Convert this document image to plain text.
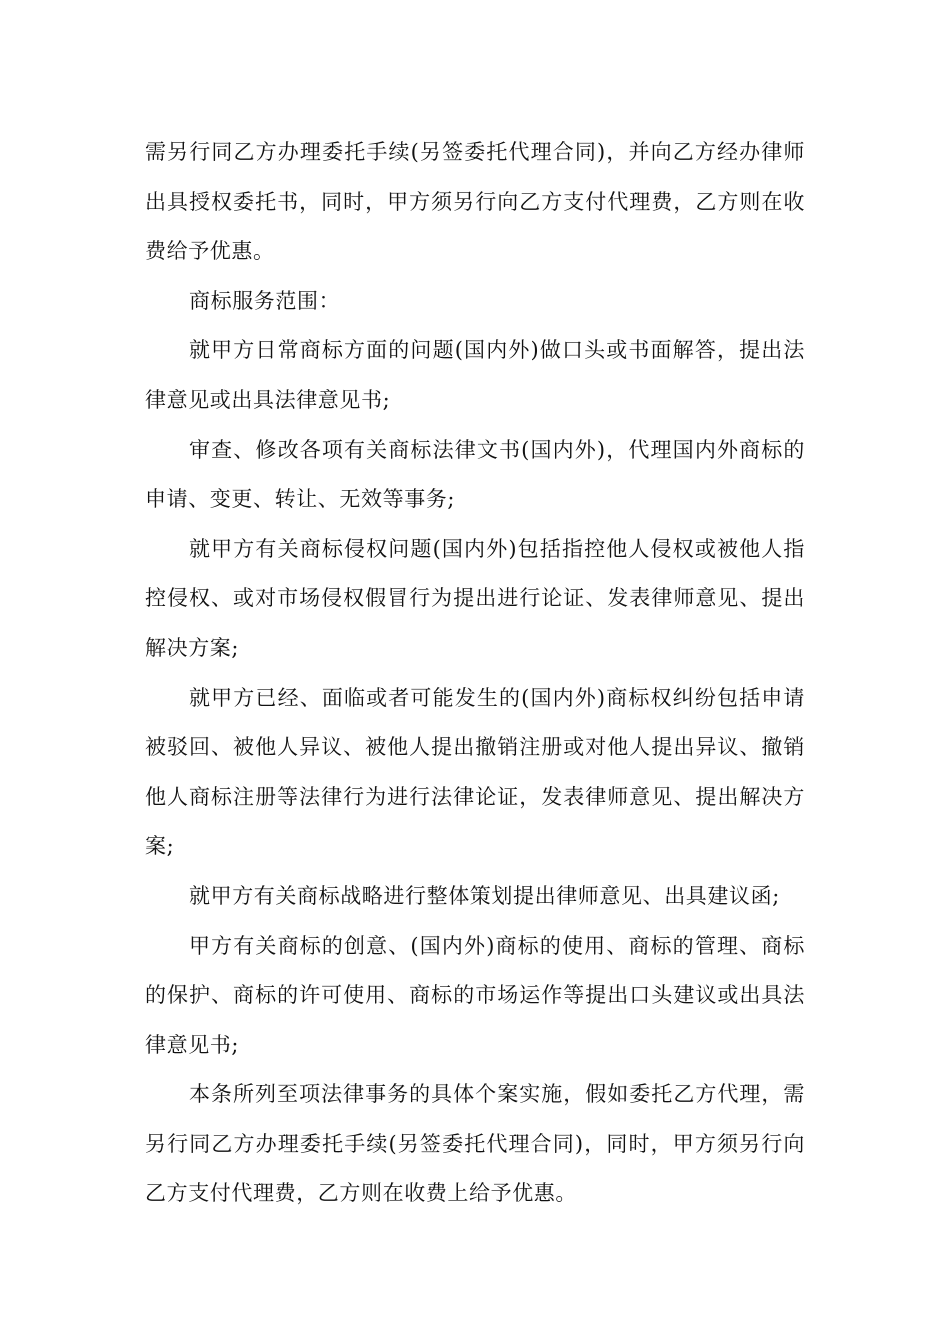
需另行同乙方办理委托手续(另签委托代理合同)，并向乙方经办律师出具授权委托书，同时，甲方须另行向乙方支付代理费，乙方则在收费给予优惠。

商标服务范围：

就甲方日常商标方面的问题(国内外)做口头或书面解答，提出法律意见或出具法律意见书;

审查、修改各项有关商标法律文书(国内外)，代理国内外商标的申请、变更、转让、无效等事务;

就甲方有关商标侵权问题(国内外)包括指控他人侵权或被他人指控侵权、或对市场侵权假冒行为提出进行论证、发表律师意见、提出解决方案;

就甲方已经、面临或者可能发生的(国内外)商标权纠纷包括申请被驳回、被他人异议、被他人提出撤销注册或对他人提出异议、撤销他人商标注册等法律行为进行法律论证，发表律师意见、提出解决方案;

就甲方有关商标战略进行整体策划提出律师意见、出具建议函;

甲方有关商标的创意、(国内外)商标的使用、商标的管理、商标的保护、商标的许可使用、商标的市场运作等提出口头建议或出具法律意见书;

本条所列至项法律事务的具体个案实施，假如委托乙方代理，需另行同乙方办理委托手续(另签委托代理合同)，同时，甲方须另行向乙方支付代理费，乙方则在收费上给予优惠。
